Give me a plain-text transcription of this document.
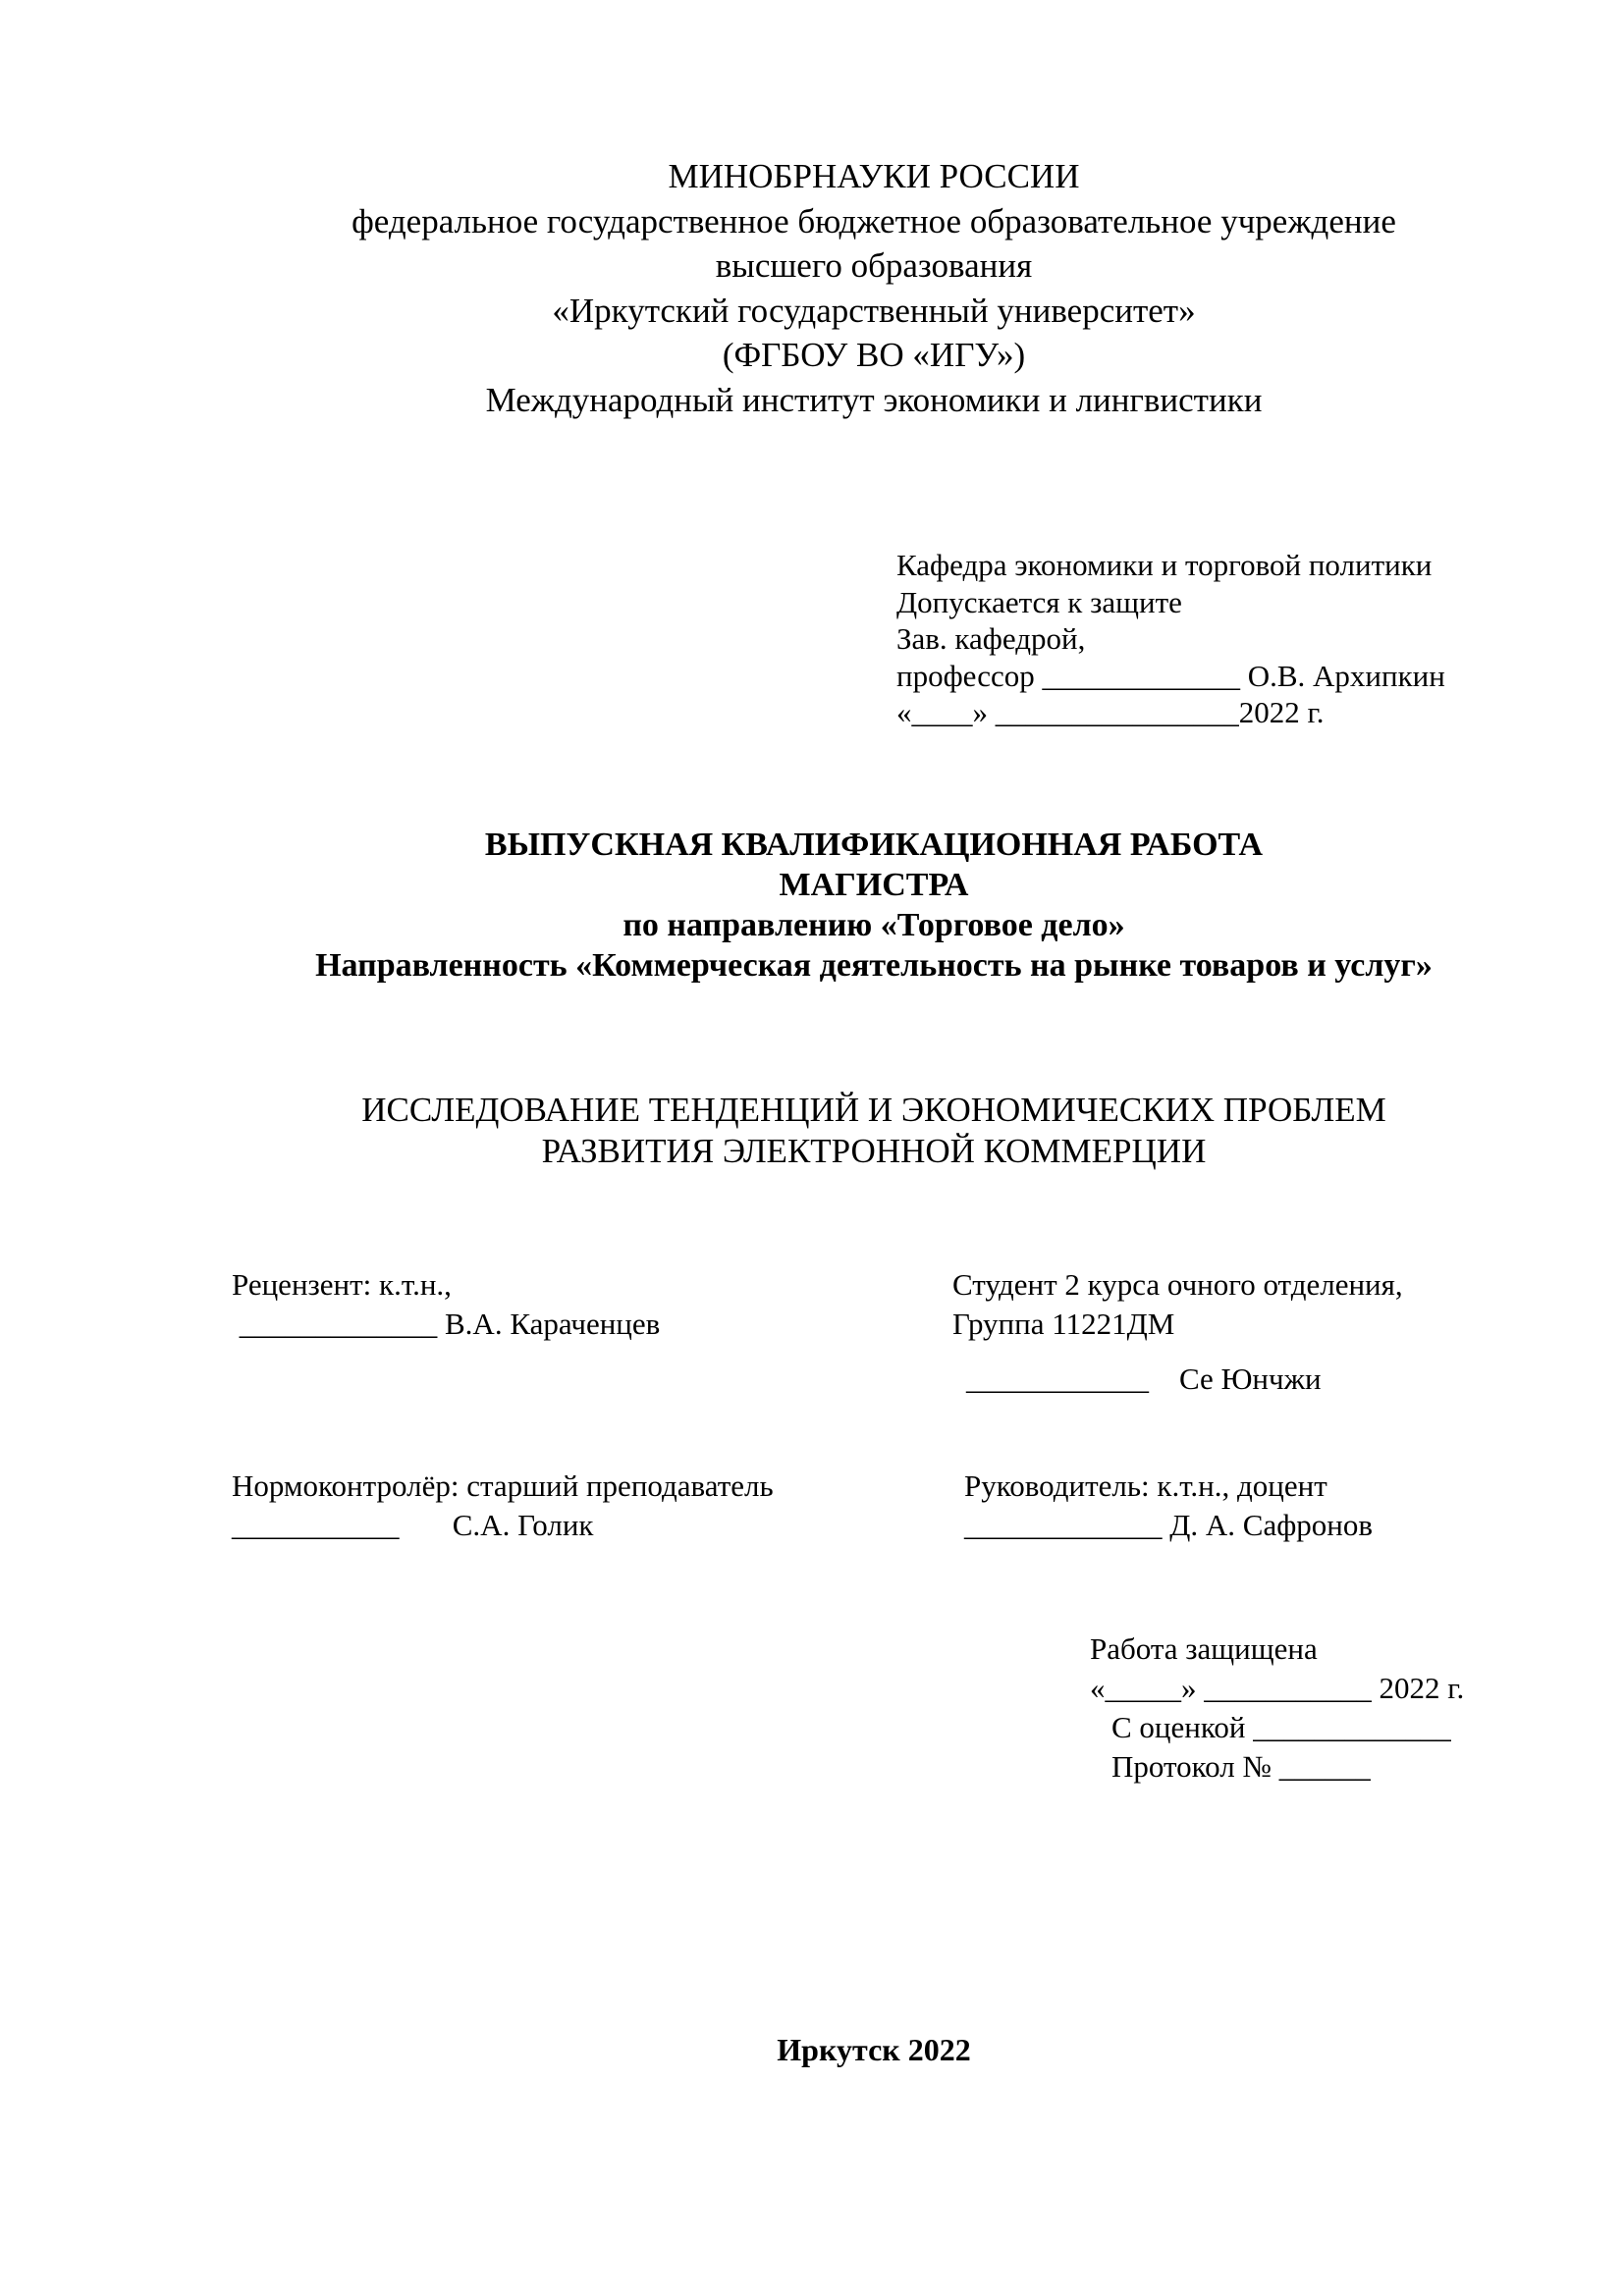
МИНОБРНАУКИ РОССИИ
федеральное государственное бюджетное образовательное учреждение
высшего образования
«Иркутский государственный университет»
(ФГБОУ ВО «ИГУ»)
Международный институт экономики и лингвистики
Кафедра экономики и торговой политики
Допускается к защите
Зав. кафедрой,
профессор _____________ О.В. Архипкин
«____» ________________2022 г.
ВЫПУСКНАЯ КВАЛИФИКАЦИОННАЯ РАБОТА
МАГИСТРА
по направлению «Торговое дело»
Направленность «Коммерческая деятельность на рынке товаров и услуг»
ИССЛЕДОВАНИЕ ТЕНДЕНЦИЙ И ЭКОНОМИЧЕСКИХ ПРОБЛЕМ
РАЗВИТИЯ ЭЛЕКТРОННОЙ КОММЕРЦИИ
Рецензент: к.т.н.,
_____________ В.А. Караченцев
Студент 2 курса очного отделения,
Группа 11221ДМ
____________    Се Юнчжи
Нормоконтролёр: старший преподаватель
___________       С.А. Голик
Руководитель: к.т.н., доцент
_____________ Д. А. Сафронов
Работа защищена
«_____» ___________ 2022 г.
С оценкой _____________
Протокол № ______
Иркутск 2022
